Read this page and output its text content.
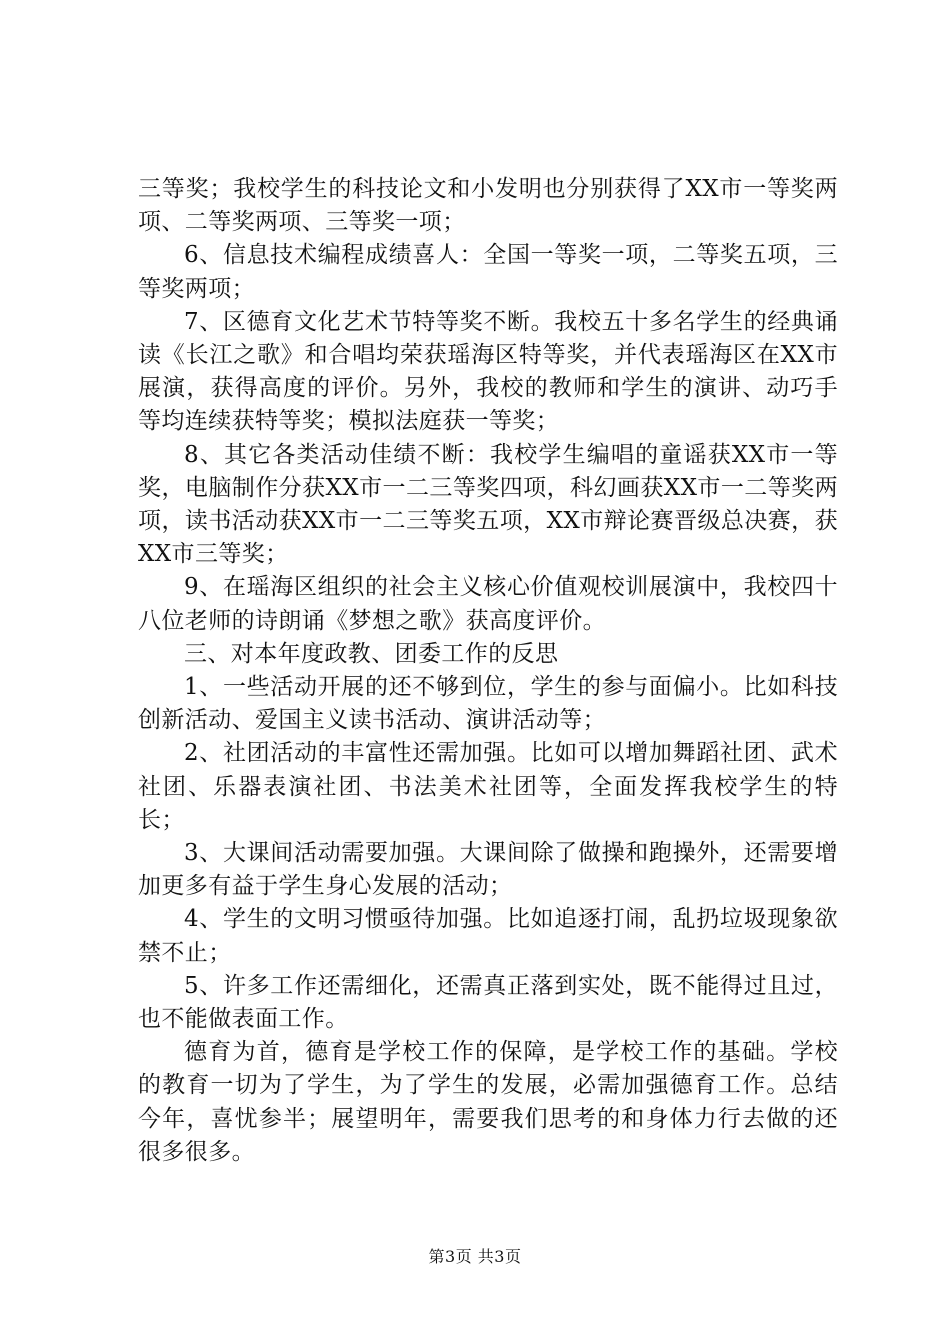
三等奖；我校学生的科技论文和小发明也分别获得了XX市一等奖两项、二等奖两项、三等奖一项；

6、信息技术编程成绩喜人：全国一等奖一项，二等奖五项，三等奖两项；

7、区德育文化艺术节特等奖不断。我校五十多名学生的经典诵读《长江之歌》和合唱均荣获瑶海区特等奖，并代表瑶海区在XX市展演，获得高度的评价。另外，我校的教师和学生的演讲、动巧手等均连续获特等奖；模拟法庭获一等奖；

8、其它各类活动佳绩不断：我校学生编唱的童谣获XX市一等奖，电脑制作分获XX市一二三等奖四项，科幻画获XX市一二等奖两项，读书活动获XX市一二三等奖五项，XX市辩论赛晋级总决赛，获XX市三等奖；

9、在瑶海区组织的社会主义核心价值观校训展演中，我校四十八位老师的诗朗诵《梦想之歌》获高度评价。

三、对本年度政教、团委工作的反思

1、一些活动开展的还不够到位，学生的参与面偏小。比如科技创新活动、爱国主义读书活动、演讲活动等；

2、社团活动的丰富性还需加强。比如可以增加舞蹈社团、武术社团、乐器表演社团、书法美术社团等，全面发挥我校学生的特长；

3、大课间活动需要加强。大课间除了做操和跑操外，还需要增加更多有益于学生身心发展的活动；

4、学生的文明习惯亟待加强。比如追逐打闹，乱扔垃圾现象欲禁不止；

5、许多工作还需细化，还需真正落到实处，既不能得过且过，也不能做表面工作。

德育为首，德育是学校工作的保障，是学校工作的基础。学校的教育一切为了学生，为了学生的发展，必需加强德育工作。总结今年，喜忧参半；展望明年，需要我们思考的和身体力行去做的还很多很多。

第3页 共3页
